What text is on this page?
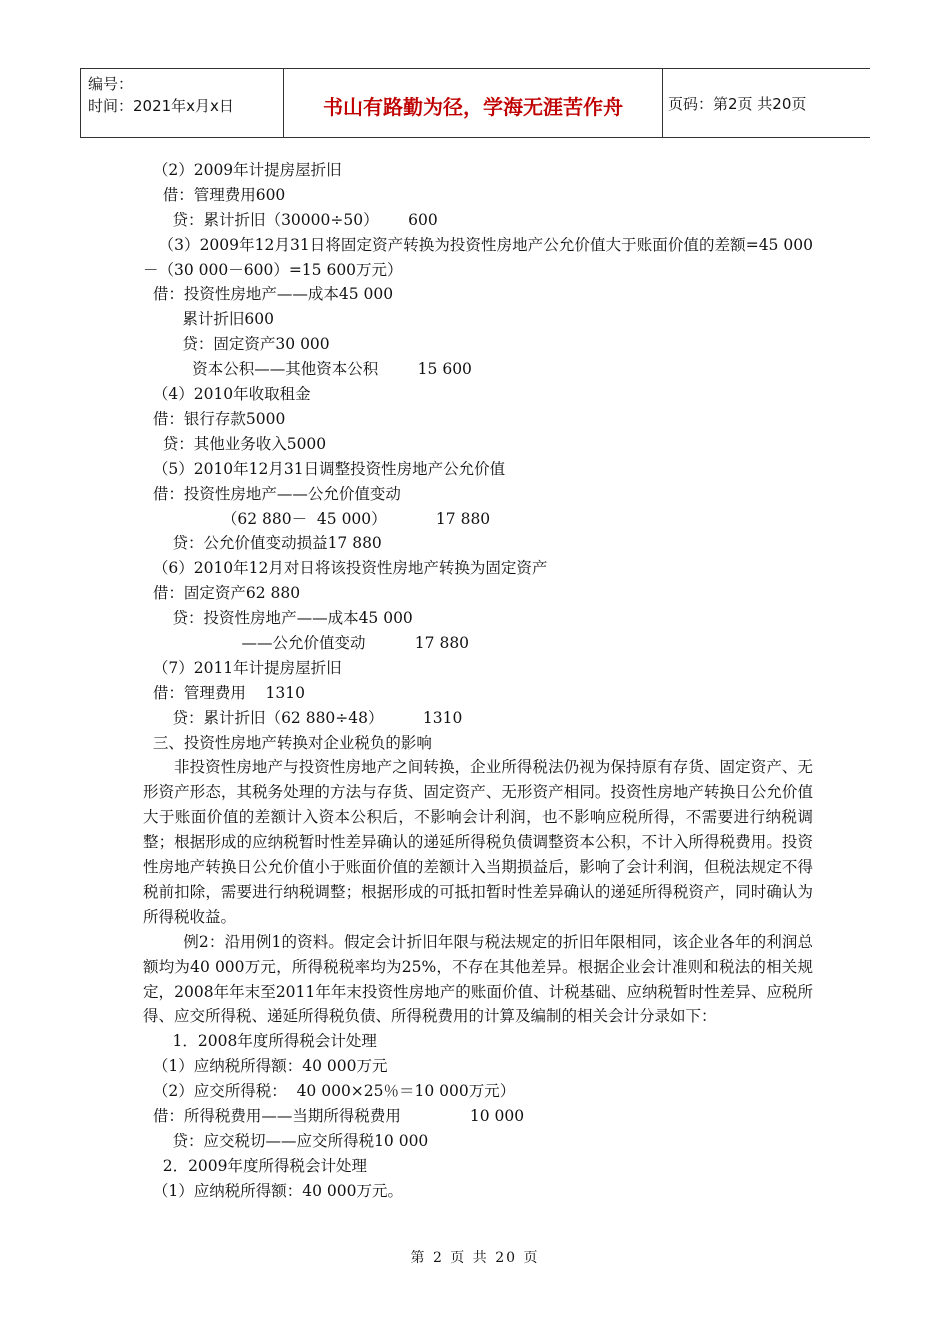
编号：
时间：2021年x月x日	书山有路勤为径，学海无涯苦作舟	页码：第2页 共20页
（2）2009年计提房屋折旧
借：管理费用600
贷：累计折旧（30000÷50）      600
（3）2009年12月31日将固定资产转换为投资性房地产公允价值大于账面价值的差额=45 000－（30 000－600）=15 600万元）
借：投资性房地产——成本45 000
累计折旧600
贷：固定资产30 000
资本公积——其他资本公积        15 600
（4）2010年收取租金
借：银行存款5000
贷：其他业务收入5000
（5）2010年12月31日调整投资性房地产公允价值
借：投资性房地产——公允价值变动
（62 880－  45 000）          17 880
贷：公允价值变动损益17 880
（6）2010年12月对日将该投资性房地产转换为固定资产
借：固定资产62 880
贷：投资性房地产——成本45 000
——公允价值变动          17 880
（7）2011年计提房屋折旧
借：管理费用    1310
贷：累计折旧（62 880÷48）        1310
三、投资性房地产转换对企业税负的影响
非投资性房地产与投资性房地产之间转换，企业所得税法仍视为保持原有存货、固定资产、无形资产形态，其税务处理的方法与存货、固定资产、无形资产相同。投资性房地产转换日公允价值大于账面价值的差额计入资本公积后，不影响会计利润，也不影响应税所得，不需要进行纳税调整；根据形成的应纳税暂时性差异确认的递延所得税负债调整资本公积，不计入所得税费用。投资性房地产转换日公允价值小于账面价值的差额计入当期损益后，影响了会计利润，但税法规定不得税前扣除，需要进行纳税调整；根据形成的可抵扣暂时性差异确认的递延所得税资产，同时确认为所得税收益。
例2：沿用例1的资料。假定会计折旧年限与税法规定的折旧年限相同，该企业各年的利润总额均为40 000万元，所得税税率均为25%，不存在其他差异。根据企业会计准则和税法的相关规定，2008年年末至2011年年末投资性房地产的账面价值、计税基础、应纳税暂时性差异、应税所得、应交所得税、递延所得税负债、所得税费用的计算及编制的相关会计分录如下：
1．2008年度所得税会计处理
（1）应纳税所得额：40 000万元
（2）应交所得税：  40 000×25％＝10 000万元）
借：所得税费用——当期所得税费用              10 000
贷：应交税切——应交所得税10 000
2．2009年度所得税会计处理
（1）应纳税所得额：40 000万元。
第 2 页 共 20 页
